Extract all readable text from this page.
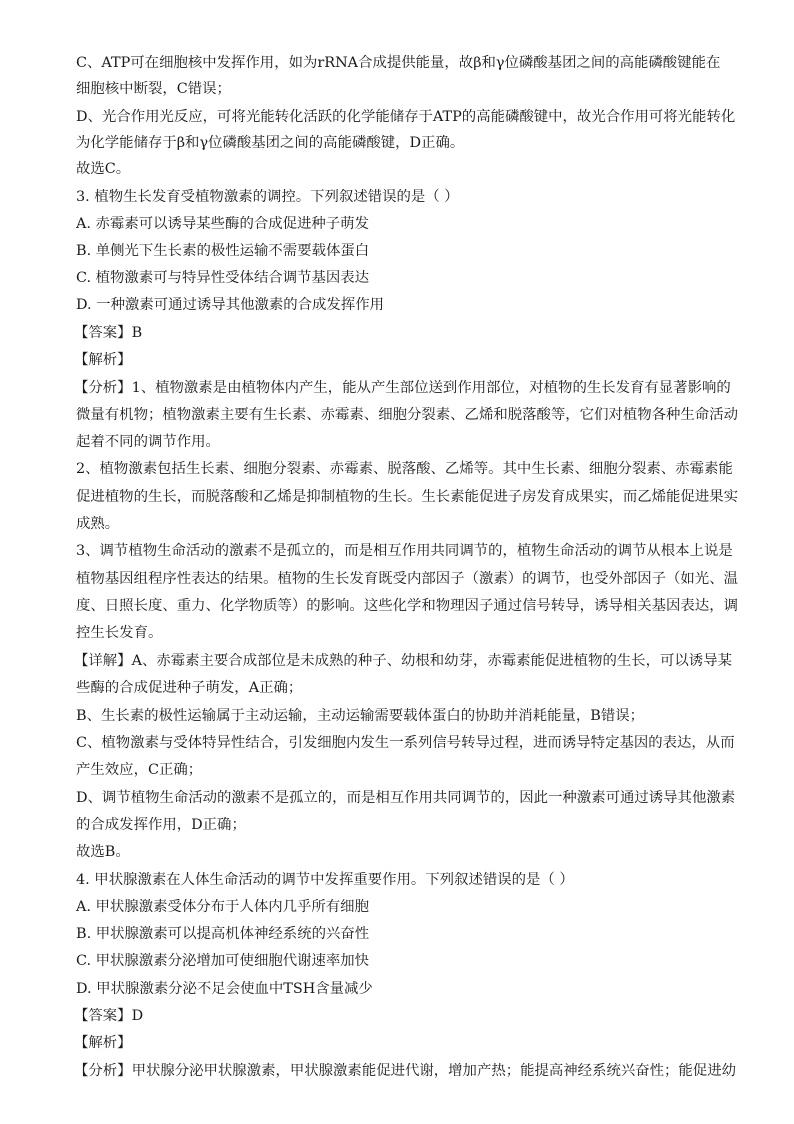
C、ATP可在细胞核中发挥作用，如为rRNA合成提供能量，故β和γ位磷酸基团之间的高能磷酸键能在

细胞核中断裂，C错误；

D、光合作用光反应，可将光能转化活跃的化学能储存于ATP的高能磷酸键中，故光合作用可将光能转化

为化学能储存于β和γ位磷酸基团之间的高能磷酸键，D正确。

故选C。

3. 植物生长发育受植物激素的调控。下列叙述错误的是（ ）

A. 赤霉素可以诱导某些酶的合成促进种子萌发

B. 单侧光下生长素的极性运输不需要载体蛋白

C. 植物激素可与特异性受体结合调节基因表达

D. 一种激素可通过诱导其他激素的合成发挥作用

【答案】B

【解析】

【分析】1、植物激素是由植物体内产生，能从产生部位送到作用部位，对植物的生长发育有显著影响的

微量有机物；植物激素主要有生长素、赤霉素、细胞分裂素、乙烯和脱落酸等，它们对植物各种生命活动

起着不同的调节作用。

2、植物激素包括生长素、细胞分裂素、赤霉素、脱落酸、乙烯等。其中生长素、细胞分裂素、赤霉素能

促进植物的生长，而脱落酸和乙烯是抑制植物的生长。生长素能促进子房发育成果实，而乙烯能促进果实

成熟。

3、调节植物生命活动的激素不是孤立的，而是相互作用共同调节的，植物生命活动的调节从根本上说是

植物基因组程序性表达的结果。植物的生长发育既受内部因子（激素）的调节，也受外部因子（如光、温

度、日照长度、重力、化学物质等）的影响。这些化学和物理因子通过信号转导，诱导相关基因表达，调

控生长发育。

【详解】A、赤霉素主要合成部位是未成熟的种子、幼根和幼芽，赤霉素能促进植物的生长，可以诱导某

些酶的合成促进种子萌发，A正确；

B、生长素的极性运输属于主动运输，主动运输需要载体蛋白的协助并消耗能量，B错误；

C、植物激素与受体特异性结合，引发细胞内发生一系列信号转导过程，进而诱导特定基因的表达，从而

产生效应，C正确；

D、调节植物生命活动的激素不是孤立的，而是相互作用共同调节的，因此一种激素可通过诱导其他激素

的合成发挥作用，D正确；

故选B。

4. 甲状腺激素在人体生命活动的调节中发挥重要作用。下列叙述错误的是（ ）

A. 甲状腺激素受体分布于人体内几乎所有细胞

B. 甲状腺激素可以提高机体神经系统的兴奋性

C. 甲状腺激素分泌增加可使细胞代谢速率加快

D. 甲状腺激素分泌不足会使血中TSH含量减少

【答案】D

【解析】

【分析】甲状腺分泌甲状腺激素，甲状腺激素能促进代谢，增加产热；能提高神经系统兴奋性；能促进幼
